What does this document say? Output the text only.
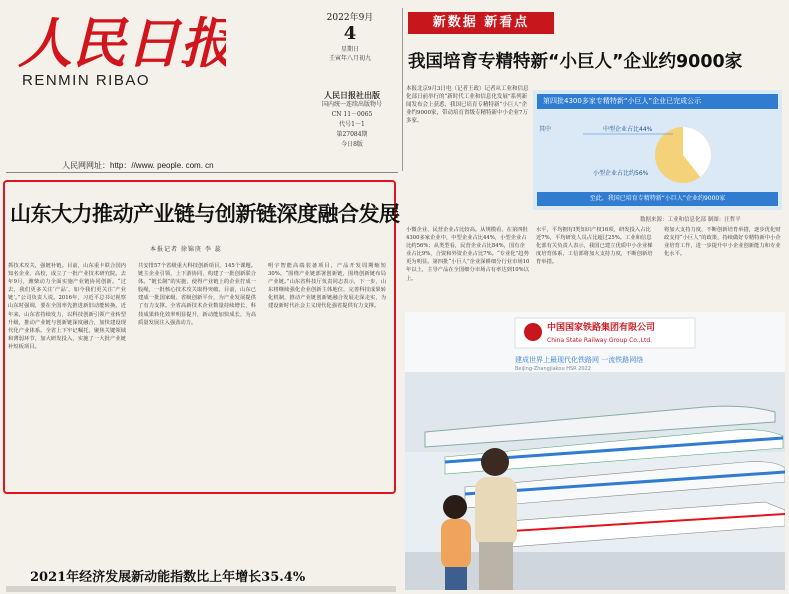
人民日报
RENMIN RIBAO
人民网网址：http：//www. people. com. cn
2022年9月
4
星期日
壬寅年八月初九
人民日报社出版
国内统一连续出版物号
CN 11－0065
代号1－1
第27084期
今日8版
新数据 新看点
我国培育专精特新“小巨人”企业约9000家
本报北京9月3日电（记者王政）记者从工业和信息化部日前举行的“新时代工业和信息化发展”系列新闻发布会上获悉，我国已培育专精特新“小巨人”企业约9000家，带动培育省级专精特新中小企业7万多家。
第四批4300多家专精特新“小巨人”企业已完成公示
其中	中型企业占比44%
小型企业占比约56%
至此，我国已培育专精特新“小巨人”企业约9000家
数据来源：工业和信息化部 制图：汪哲平
小微企业、民营企业占比较高。从规模看，在第四批4300多家企业中，中型企业占比44%，小型企业占比约56%；从类型看，民营企业占比84%，国有企业占比9%，合资和外资企业占比7%。“专业化”趋势更为明显。第四批“小巨人”企业深耕细分行业市场10年以上，主导产品在全国细分市场占有率达到10%以上。
水平，平均拥有Ⅰ类知识产权16项，研发投入占比近7%，平均研发人员占比超过25%。工业和信息化部有关负责人表示，我国已建立优质中小企业梯度培育体系，工信部将加大支持力度，不断创新培育举措。
将加大支持力度，不断创新培育举措，逐步优化财政支持“小巨人”的政策，持续做好专精特新中小企业培育工作，进一步提升中小企业创新能力和专业化水平。
中国国家铁路集团有限公司
China State Railway Group Co.,Ltd.
建成世界上最现代化铁路网 一流铁路网络
Beijing-Zhangjiakou HSR 2022
山东大力推动产业链与创新链深度融合发展
本报记者 徐锦庚 李 蕊
抓技术攻关，强链补链。目前，山东重卡联合国内知名企业、高校，成立了一批产业技术研究院。去年9月，潍柴动力全面实施产业链协同创新。“过去，我们更多关注‘产品’，如今我们更关注‘产业链’。”公司负责人说。2016年，习近平总书记视察山东时强调，要在全国率先推进新旧动能转换。近年来，山东省持续发力，以科技创新引领产业转型升级，推动产业链与创新链深度融合，加快建设现代化产业体系。全省上下牢记嘱托，聚焦关键领域和薄弱环节，加大研发投入，实施了一大批产业链补短板项目。
共安排57个省级重大科技创新项目，145个课题。链主企业引领，上下游协同，构建了一批创新联合体。“链长制”的实施，使得产业链上的企业拧成一股绳，一批核心技术攻关取得突破。目前，山东已建成一批国家级、省级创新平台，为产业发展提供了有力支撑。全省高新技术企业数量持续增长，科技成果转化效率明显提升，新动能加快成长，为高质量发展注入强劲动力。
明宇智能高端装备项目，产品开发周期缩短30%。“围绕产业链部署创新链，围绕创新链布局产业链。”山东省科技厅负责同志表示，下一步，山东将继续强化企业创新主体地位，完善科技成果转化机制，推动产业链创新链融合发展走深走实，为建设新时代社会主义现代化强省提供有力支撑。
2021年经济发展新动能指数比上年增长35.4%
